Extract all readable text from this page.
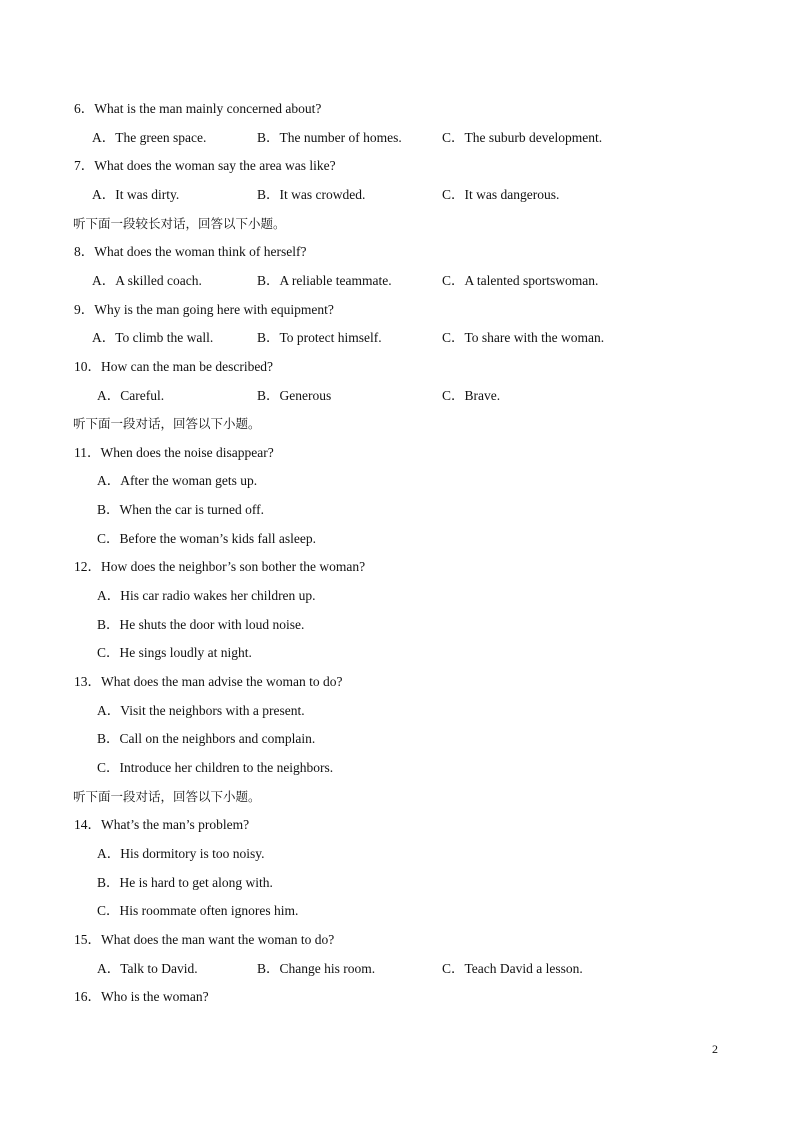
6．What is the man mainly concerned about?
A．The green space.	B．The number of homes.	C．The suburb development.
7．What does the woman say the area was like?
A．It was dirty.	B．It was crowded.	C．It was dangerous.
听下面一段较长对话，回答以下小题。
8．What does the woman think of herself?
A．A skilled coach.	B．A reliable teammate.	C．A talented sportswoman.
9．Why is the man going here with equipment?
A．To climb the wall.	B．To protect himself.	C．To share with the woman.
10．How can the man be described?
A．Careful.	B．Generous	C．Brave.
听下面一段对话，回答以下小题。
11．When does the noise disappear?
A．After the woman gets up.
B．When the car is turned off.
C．Before the woman’s kids fall asleep.
12．How does the neighbor’s son bother the woman?
A．His car radio wakes her children up.
B．He shuts the door with loud noise.
C．He sings loudly at night.
13．What does the man advise the woman to do?
A．Visit the neighbors with a present.
B．Call on the neighbors and complain.
C．Introduce her children to the neighbors.
听下面一段对话，回答以下小题。
14．What’s the man’s problem?
A．His dormitory is too noisy.
B．He is hard to get along with.
C．His roommate often ignores him.
15．What does the man want the woman to do?
A．Talk to David.	B．Change his room.	C．Teach David a lesson.
16．Who is the woman?
2
